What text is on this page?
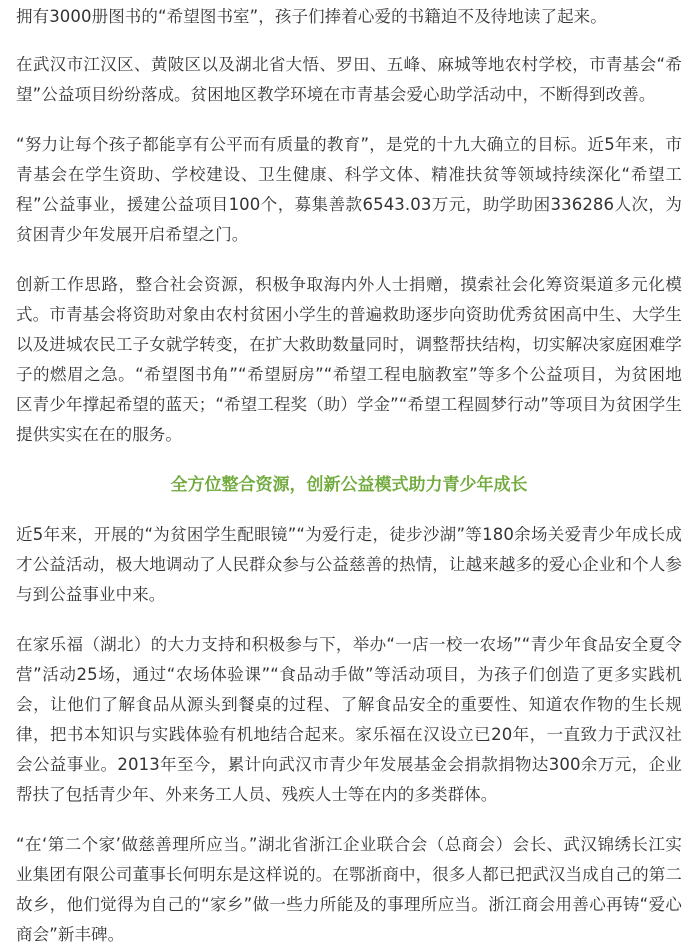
拥有3000册图书的“希望图书室”，孩子们捧着心爱的书籍迫不及待地读了起来。

在武汉市江汉区、黄陂区以及湖北省大悟、罗田、五峰、麻城等地农村学校，市青基会“希望”公益项目纷纷落成。贫困地区教学环境在市青基会爱心助学活动中，不断得到改善。

“努力让每个孩子都能享有公平而有质量的教育”，是党的十九大确立的目标。近5年来，市青基会在学生资助、学校建设、卫生健康、科学文体、精准扶贫等领域持续深化“希望工程”公益事业，援建公益项目100个，募集善款6543.03万元，助学助困336286人次，为贫困青少年发展开启希望之门。

创新工作思路，整合社会资源，积极争取海内外人士捐赠，摸索社会化筹资渠道多元化模式。市青基会将资助对象由农村贫困小学生的普遍救助逐步向资助优秀贫困高中生、大学生以及进城农民工子女就学转变，在扩大救助数量同时，调整帮扶结构，切实解决家庭困难学子的燃眉之急。“希望图书角”“希望厨房”“希望工程电脑教室”等多个公益项目，为贫困地区青少年撑起希望的蓝天；“希望工程奖（助）学金”“希望工程圆梦行动”等项目为贫困学生提供实实在在的服务。

全方位整合资源，创新公益模式助力青少年成长

近5年来，开展的“为贫困学生配眼镜”“为爱行走，徒步沙湖”等180余场关爱青少年成长成才公益活动，极大地调动了人民群众参与公益慈善的热情，让越来越多的爱心企业和个人参与到公益事业中来。

在家乐福（湖北）的大力支持和积极参与下，举办“一店一校一农场”“青少年食品安全夏令营”活动25场，通过“农场体验课”“食品动手做”等活动项目，为孩子们创造了更多实践机会，让他们了解食品从源头到餐桌的过程、了解食品安全的重要性、知道农作物的生长规律，把书本知识与实践体验有机地结合起来。家乐福在汉设立已20年，一直致力于武汉社会公益事业。2013年至今，累计向武汉市青少年发展基金会捐款捐物达300余万元，企业帮扶了包括青少年、外来务工人员、残疾人士等在内的多类群体。

“在‘第二个家’做慈善理所应当。”湖北省浙江企业联合会（总商会）会长、武汉锦绣长江实业集团有限公司董事长何明东是这样说的。在鄂浙商中，很多人都已把武汉当成自己的第二故乡，他们觉得为自己的“家乡”做一些力所能及的事理所应当。浙江商会用善心再铸“爱心商会”新丰碑。
